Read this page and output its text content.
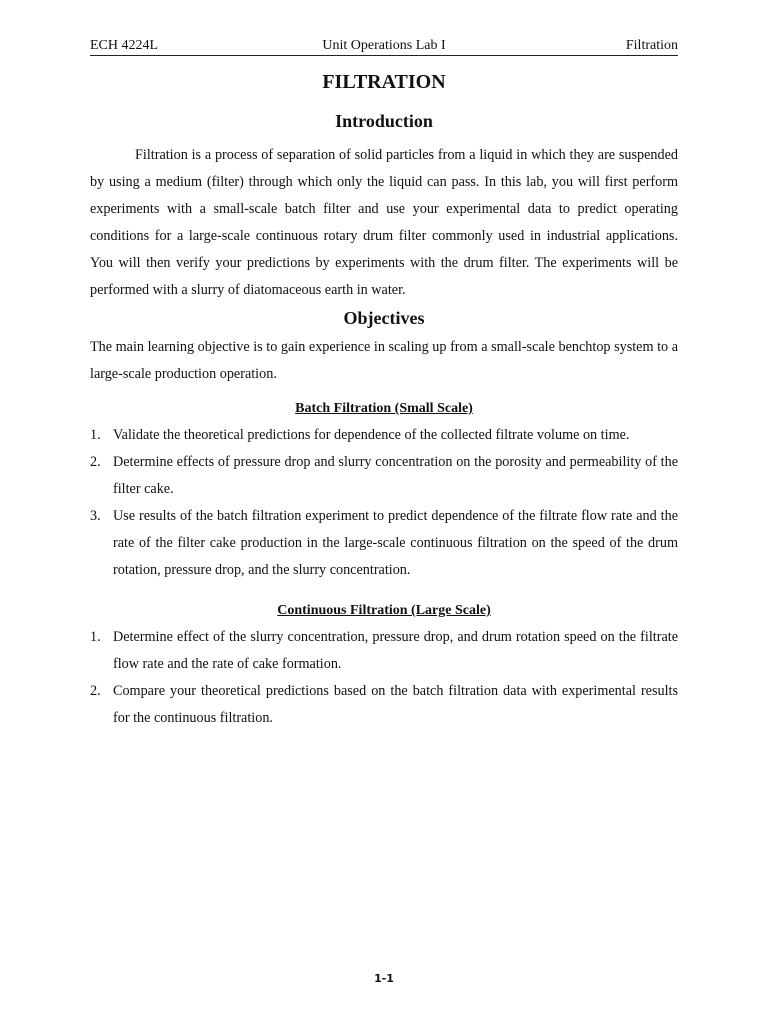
ECH 4224L	Unit Operations Lab I	Filtration
FILTRATION
Introduction
Filtration is a process of separation of solid particles from a liquid in which they are suspended by using a medium (filter) through which only the liquid can pass. In this lab, you will first perform experiments with a small-scale batch filter and use your experimental data to predict operating conditions for a large-scale continuous rotary drum filter commonly used in industrial applications. You will then verify your predictions by experiments with the drum filter. The experiments will be performed with a slurry of diatomaceous earth in water.
Objectives
The main learning objective is to gain experience in scaling up from a small-scale benchtop system to a large-scale production operation.
Batch Filtration (Small Scale)
1. Validate the theoretical predictions for dependence of the collected filtrate volume on time.
2. Determine effects of pressure drop and slurry concentration on the porosity and permeability of the filter cake.
3. Use results of the batch filtration experiment to predict dependence of the filtrate flow rate and the rate of the filter cake production in the large-scale continuous filtration on the speed of the drum rotation, pressure drop, and the slurry concentration.
Continuous Filtration (Large Scale)
1. Determine effect of the slurry concentration, pressure drop, and drum rotation speed on the filtrate flow rate and the rate of cake formation.
2. Compare your theoretical predictions based on the batch filtration data with experimental results for the continuous filtration.
1-1
